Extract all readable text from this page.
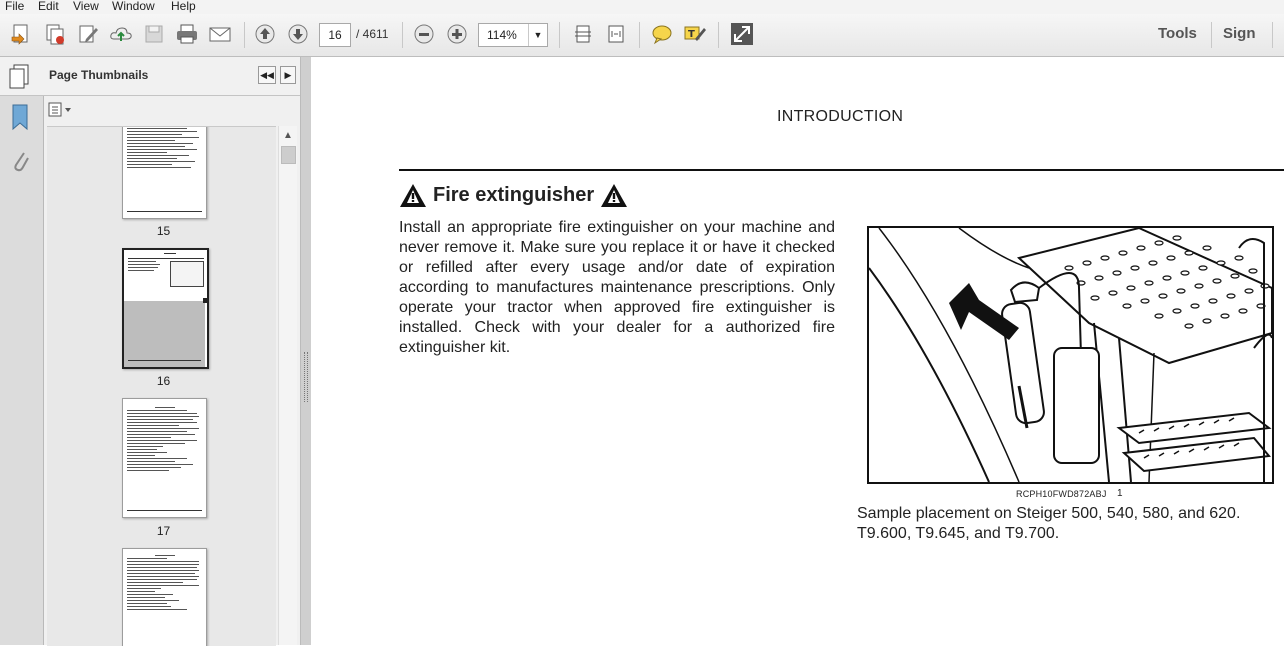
File Edit View Window Help
16	/ 4611	114%	▼	T	Tools Sign
Page Thumbnails	◀◀	▶
15
16
17
▲
INTRODUCTION
Fire extinguisher
Install an appropriate fire extinguisher on your machine and never remove it. Make sure you replace it or have it checked or refilled after every usage and/or date of expiration according to manufactures maintenance prescriptions. Only operate your tractor when approved fire extinguisher is installed. Check with your dealer for a authorized fire extinguisher kit.
RCPH10FWD872ABJ 1
Sample placement on Steiger 500, 540, 580, and 620. T9.600, T9.645, and T9.700.
